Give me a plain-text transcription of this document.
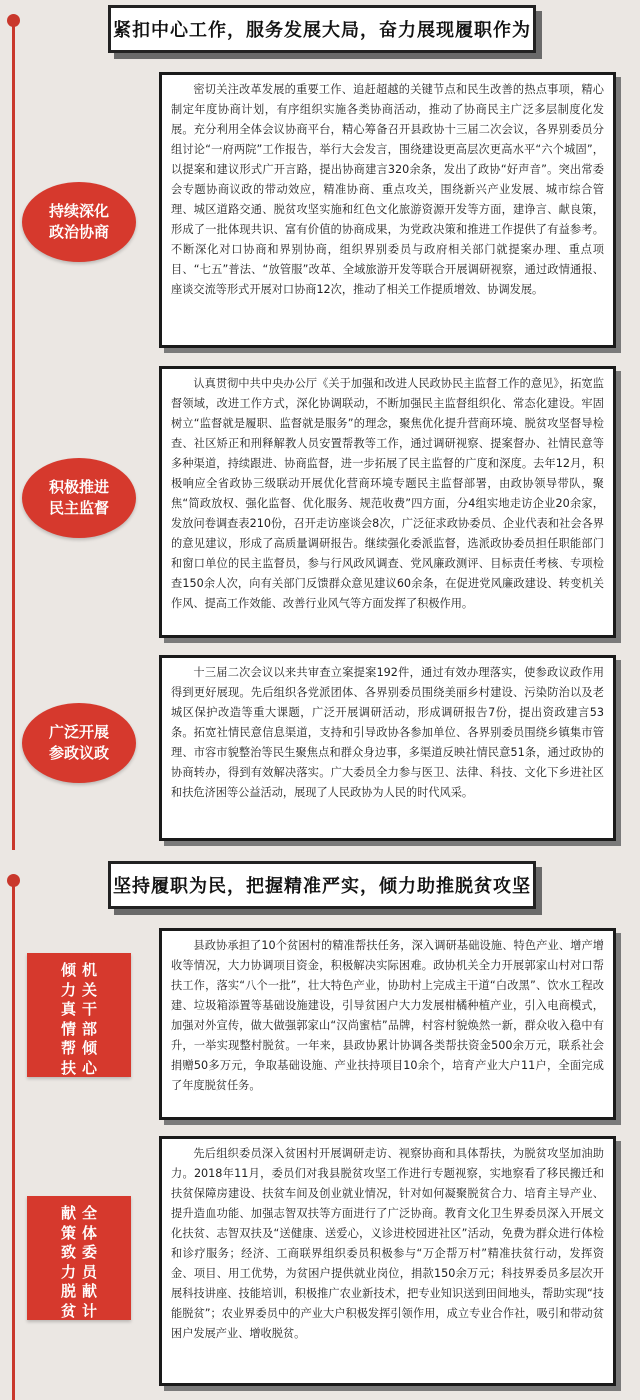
紧扣中心工作，服务发展大局，奋力展现履职作为
持续深化
政治协商

密切关注改革发展的重要工作、追赶超越的关键节点和民生改善的热点事项，精心制定年度协商计划，有序组织实施各类协商活动，推动了协商民主广泛多层制度化发展。充分利用全体会议协商平台，精心筹备召开县政协十三届二次会议，各界别委员分组讨论“一府两院”工作报告，举行大会发言，围绕建设更高层次更高水平“六个城固”，以提案和建议形式广开言路，提出协商建言320余条，发出了政协“好声音”。突出常委会专题协商议政的带动效应，精准协商、重点攻关，围绕新兴产业发展、城市综合管理、城区道路交通、脱贫攻坚实施和红色文化旅游资源开发等方面，建诤言、献良策，形成了一批体现共识、富有价值的协商成果，为党政决策和推进工作提供了有益参考。不断深化对口协商和界别协商，组织界别委员与政府相关部门就提案办理、重点项目、“七五”普法、“放管服”改革、全域旅游开发等联合开展调研视察，通过政情通报、座谈交流等形式开展对口协商12次，推动了相关工作提质增效、协调发展。

积极推进
民主监督

认真贯彻中共中央办公厅《关于加强和改进人民政协民主监督工作的意见》，拓宽监督领域，改进工作方式，深化协调联动，不断加强民主监督组织化、常态化建设。牢固树立“监督就是履职、监督就是服务”的理念，聚焦优化提升营商环境、脱贫攻坚督导检查、社区矫正和刑释解教人员安置帮教等工作，通过调研视察、提案督办、社情民意等多种渠道，持续跟进、协商监督，进一步拓展了民主监督的广度和深度。去年12月，积极响应全省政协三级联动开展优化营商环境专题民主监督部署，由政协领导带队，聚焦“简政放权、强化监督、优化服务、规范收费”四方面，分4组实地走访企业20余家，发放问卷调查表210份，召开走访座谈会8次，广泛征求政协委员、企业代表和社会各界的意见建议，形成了高质量调研报告。继续强化委派监督，选派政协委员担任职能部门和窗口单位的民主监督员，参与行风政风调查、党风廉政测评、目标责任考核、专项检查150余人次，向有关部门反馈群众意见建议60余条，在促进党风廉政建设、转变机关作风、提高工作效能、改善行业风气等方面发挥了积极作用。

广泛开展
参政议政

十三届二次会议以来共审查立案提案192件，通过有效办理落实，使参政议政作用得到更好展现。先后组织各党派团体、各界别委员围绕美丽乡村建设、污染防治以及老城区保护改造等重大课题，广泛开展调研活动，形成调研报告7份，提出资政建言53条。拓宽社情民意信息渠道，支持和引导政协各参加单位、各界别委员围绕乡镇集市管理、市容市貌整治等民生聚焦点和群众身边事，多渠道反映社情民意51条，通过政协的协商转办，得到有效解决落实。广大委员全力参与医卫、法律、科技、文化下乡进社区和扶危济困等公益活动，展现了人民政协为人民的时代风采。

坚持履职为民，把握精准严实，倾力助推脱贫攻坚
倾
力
真
情
帮
扶
机
关
干
部
倾
心

县政协承担了10个贫困村的精准帮扶任务，深入调研基础设施、特色产业、增产增收等情况，大力协调项目资金，积极解决实际困难。政协机关全力开展郭家山村对口帮扶工作，落实“八个一批”，壮大特色产业，协助村上完成主干道“白改黑”、饮水工程改建、垃圾箱添置等基础设施建设，引导贫困户大力发展柑橘种植产业，引入电商模式，加强对外宣传，做大做强郭家山“汉尚蜜桔”品牌，村容村貌焕然一新，群众收入稳中有升，一举实现整村脱贫。一年来，县政协累计协调各类帮扶资金500余万元，联系社会捐赠50多万元，争取基础设施、产业扶持项目10余个，培育产业大户11户，全面完成了年度脱贫任务。

献
策
致
力
脱
贫
全
体
委
员
献
计

先后组织委员深入贫困村开展调研走访、视察协商和具体帮扶，为脱贫攻坚加油助力。2018年11月，委员们对我县脱贫攻坚工作进行专题视察，实地察看了移民搬迁和扶贫保障房建设、扶贫车间及创业就业情况，针对如何凝聚脱贫合力、培育主导产业、提升造血功能、加强志智双扶等方面进行了广泛协商。教育文化卫生界委员深入开展文化扶贫、志智双扶及“送健康、送爱心，义诊进校园进社区”活动，免费为群众进行体检和诊疗服务；经济、工商联界组织委员积极参与“万企帮万村”精准扶贫行动，发挥资金、项目、用工优势，为贫困户提供就业岗位，捐款150余万元；科技界委员多层次开展科技讲座、技能培训，积极推广农业新技术，把专业知识送到田间地头，帮助实现“技能脱贫”；农业界委员中的产业大户积极发挥引领作用，成立专业合作社，吸引和带动贫困户发展产业、增收脱贫。
